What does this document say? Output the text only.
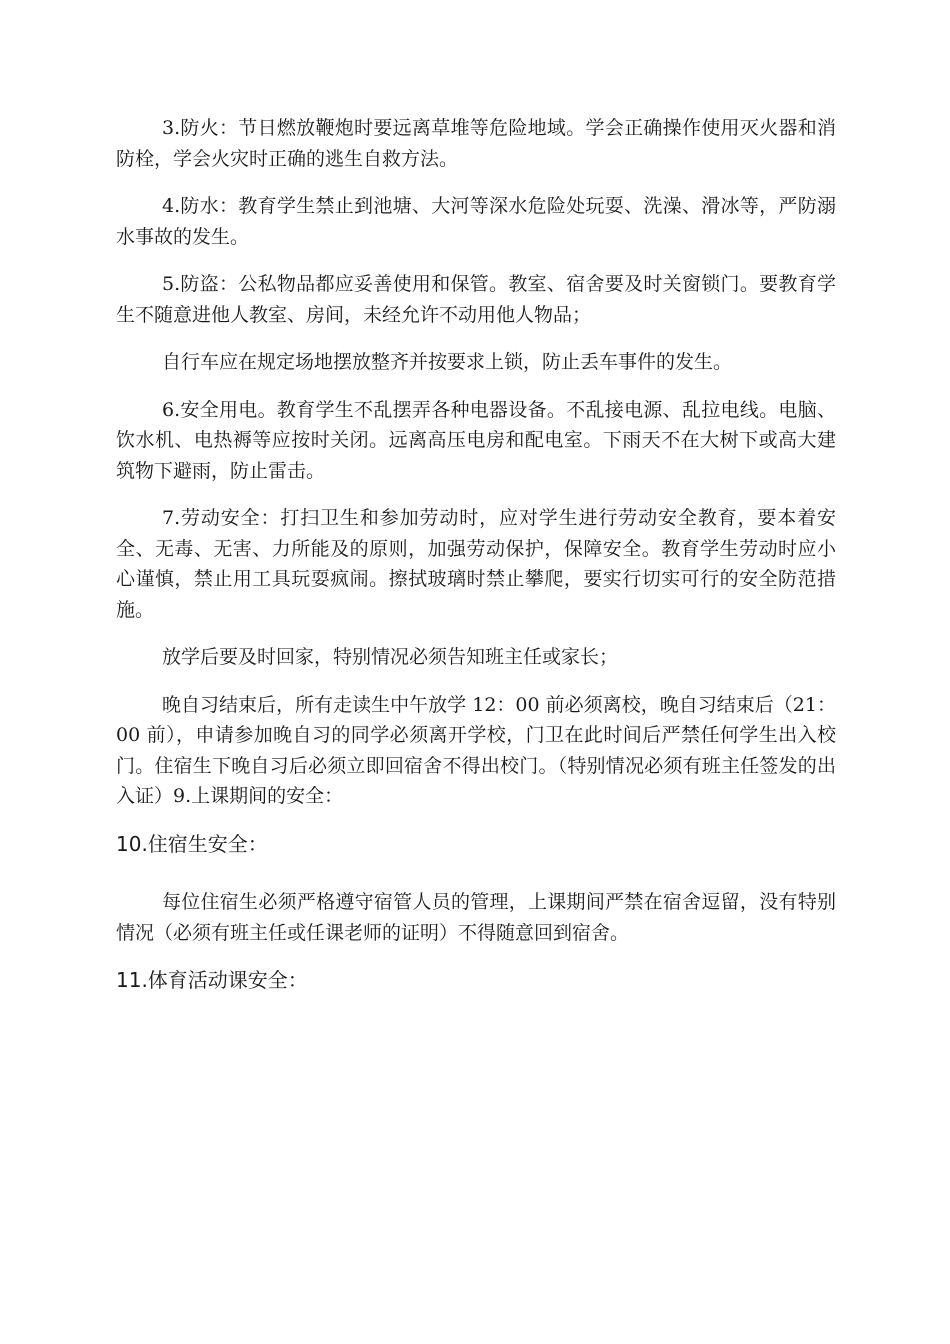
3.防火：节日燃放鞭炮时要远离草堆等危险地域。学会正确操作使用灭火器和消防栓，学会火灾时正确的逃生自救方法。

4.防水：教育学生禁止到池塘、大河等深水危险处玩耍、洗澡、滑冰等，严防溺水事故的发生。

5.防盗：公私物品都应妥善使用和保管。教室、宿舍要及时关窗锁门。要教育学生不随意进他人教室、房间，未经允许不动用他人物品；

自行车应在规定场地摆放整齐并按要求上锁，防止丢车事件的发生。

6.安全用电。教育学生不乱摆弄各种电器设备。不乱接电源、乱拉电线。电脑、饮水机、电热褥等应按时关闭。远离高压电房和配电室。下雨天不在大树下或高大建筑物下避雨，防止雷击。

7.劳动安全：打扫卫生和参加劳动时，应对学生进行劳动安全教育，要本着安全、无毒、无害、力所能及的原则，加强劳动保护，保障安全。教育学生劳动时应小心谨慎，禁止用工具玩耍疯闹。擦拭玻璃时禁止攀爬，要实行切实可行的安全防范措施。

放学后要及时回家，特别情况必须告知班主任或家长；

晚自习结束后，所有走读生中午放学 12：00 前必须离校，晚自习结束后（21：00 前），申请参加晚自习的同学必须离开学校，门卫在此时间后严禁任何学生出入校门。住宿生下晚自习后必须立即回宿舍不得出校门。（特别情况必须有班主任签发的出入证）9.上课期间的安全：

10.住宿生安全：

每位住宿生必须严格遵守宿管人员的管理，上课期间严禁在宿舍逗留，没有特别情况（必须有班主任或任课老师的证明）不得随意回到宿舍。

11.体育活动课安全：
